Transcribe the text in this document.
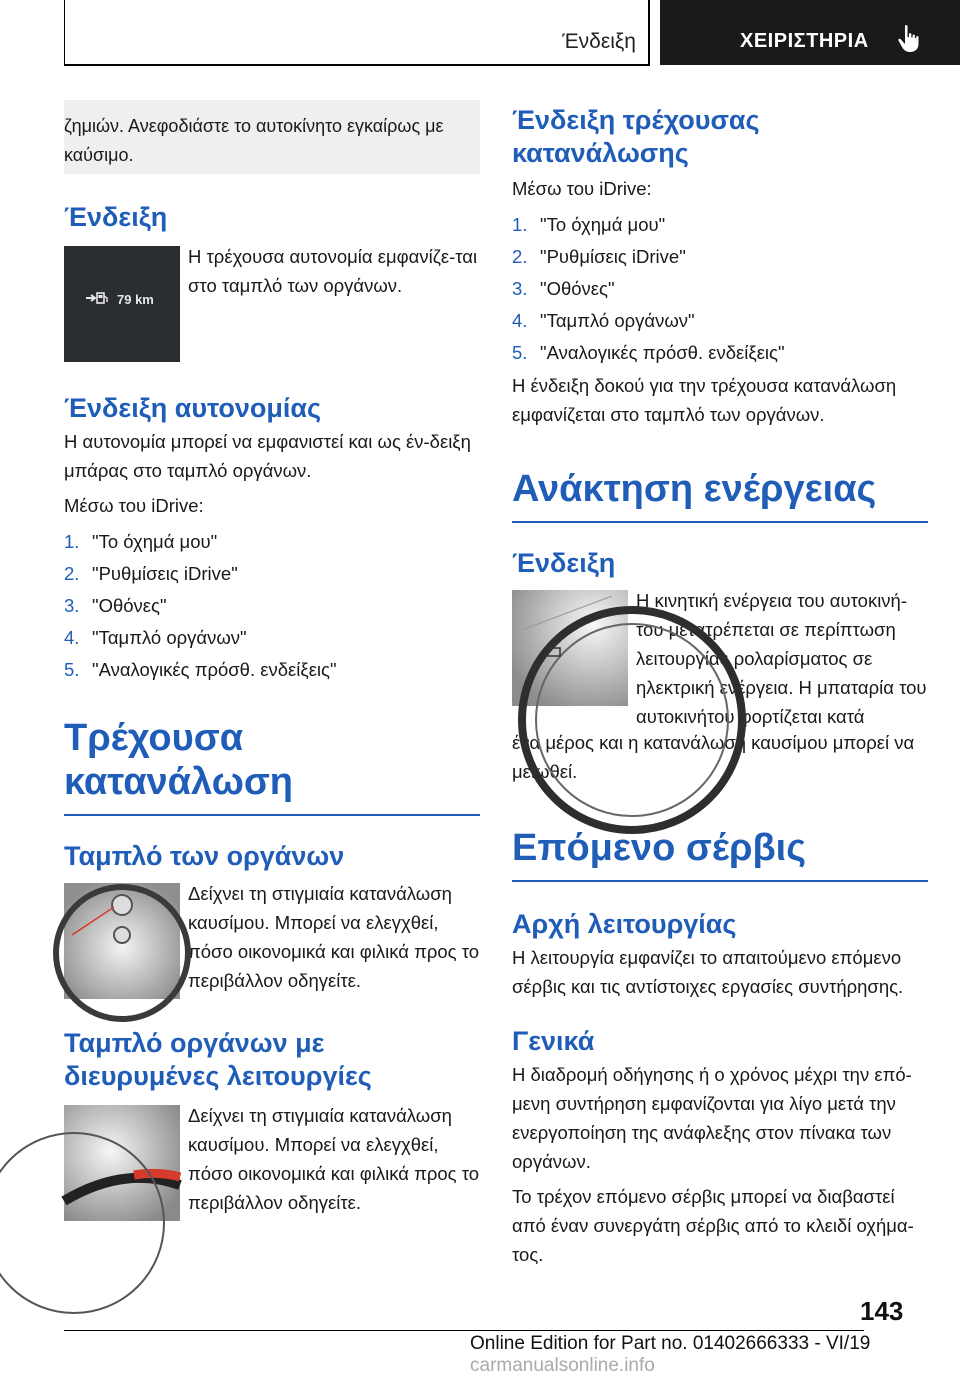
Ένδειξη	ΧΕΙΡΙΣΤΗΡΙΑ
ζημιών. Ανεφοδιάστε το αυτοκίνητο εγκαίρως με καύσιμο.
Ένδειξη
79 km
Η τρέχουσα αυτονομία εμφανίζε-ται στο ταμπλό των οργάνων.
Ένδειξη αυτονομίας
Η αυτονομία μπορεί να εμφανιστεί και ως έν-δειξη μπάρας στο ταμπλό οργάνων.
Μέσω του iDrive:
1. "Το όχημά μου"
2. "Ρυθμίσεις iDrive"
3. "Οθόνες"
4. "Ταμπλό οργάνων"
5. "Αναλογικές πρόσθ. ενδείξεις"
Τρέχουσα κατανάλωση
Ταμπλό των οργάνων
Δείχνει τη στιγμιαία κατανάλωση καυσίμου. Μπορεί να ελεγχθεί, πόσο οικονομικά και φιλικά προς το περιβάλλον οδηγείτε.
Ταμπλό οργάνων με διευρυμένες λειτουργίες
Δείχνει τη στιγμιαία κατανάλωση καυσίμου. Μπορεί να ελεγχθεί, πόσο οικονομικά και φιλικά προς το περιβάλλον οδηγείτε.
Ένδειξη τρέχουσας κατανάλωσης
Μέσω του iDrive:
1. "Το όχημά μου"
2. "Ρυθμίσεις iDrive"
3. "Οθόνες"
4. "Ταμπλό οργάνων"
5. "Αναλογικές πρόσθ. ενδείξεις"
Η ένδειξη δοκού για την τρέχουσα κατανάλωση εμφανίζεται στο ταμπλό των οργάνων.
Ανάκτηση ενέργειας
Ένδειξη
Η κινητική ενέργεια του αυτοκινή-του μετατρέπεται σε περίπτωση λειτουργίας ρολαρίσματος σε ηλεκτρική ενέργεια. Η μπαταρία του αυτοκινήτου φορτίζεται κατά
ένα μέρος και η κατανάλωση καυσίμου μπορεί να μειωθεί.
Επόμενο σέρβις
Αρχή λειτουργίας
Η λειτουργία εμφανίζει το απαιτούμενο επόμενο σέρβις και τις αντίστοιχες εργασίες συντήρησης.
Γενικά
Η διαδρομή οδήγησης ή ο χρόνος μέχρι την επό-μενη συντήρηση εμφανίζονται για λίγο μετά την ενεργοποίηση της ανάφλεξης στον πίνακα των οργάνων.
Το τρέχον επόμενο σέρβις μπορεί να διαβαστεί από έναν συνεργάτη σέρβις από το κλειδί οχήμα-τος.
143
Online Edition for Part no. 01402666333 - VI/19 carmanualsonline.info
